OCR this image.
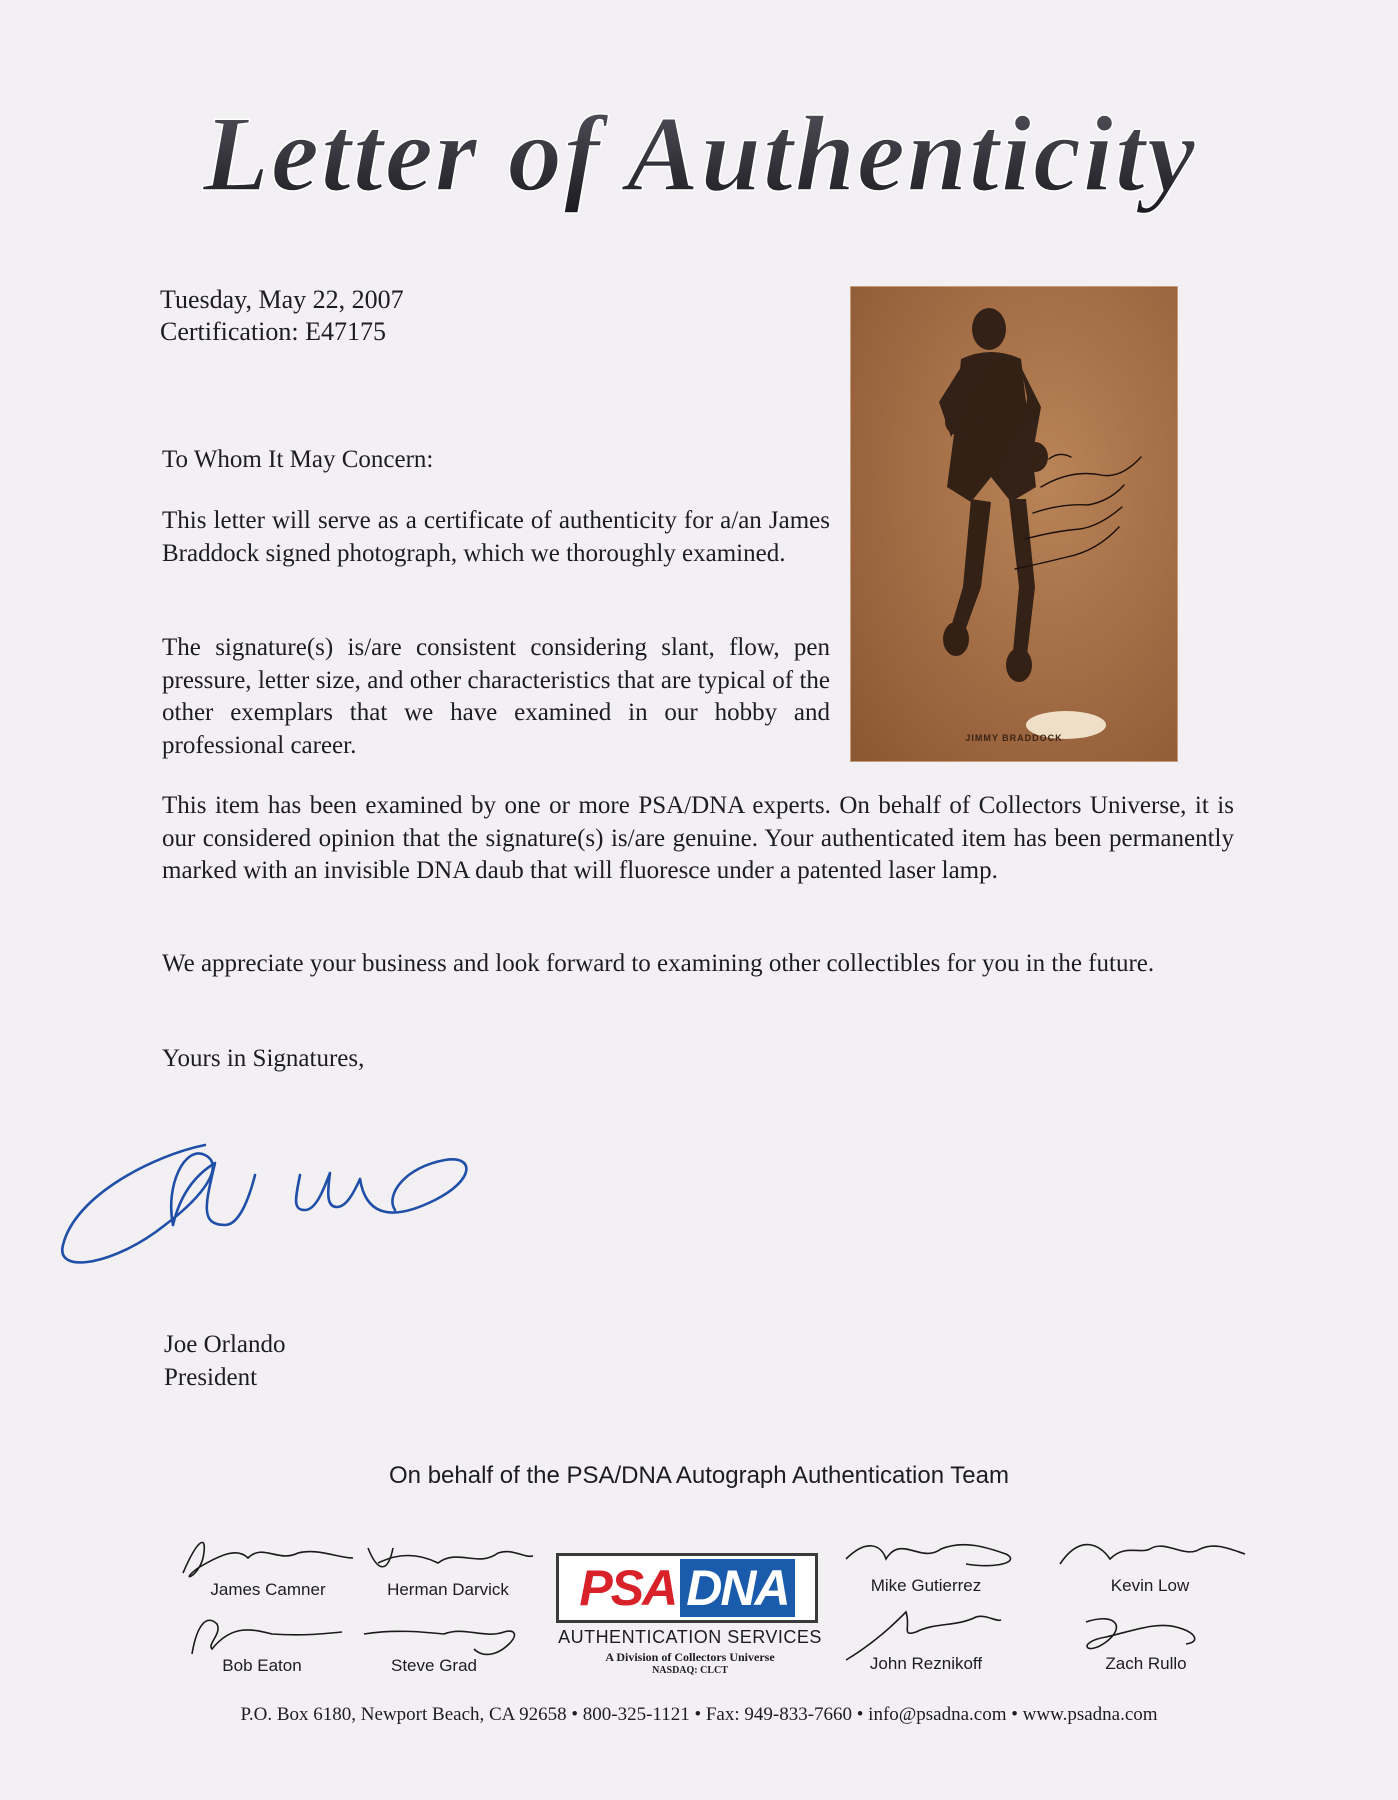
Letter of Authenticity
Tuesday, May 22, 2007
Certification: E47175
JIMMY BRADDOCK
To Whom It May Concern:
This letter will serve as a certificate of authenticity for a/an James Braddock signed photograph, which we thoroughly examined.
The signature(s) is/are consistent considering slant, flow, pen pressure, letter size, and other characteristics that are typical of the other exemplars that we have examined in our hobby and professional career.
This item has been examined by one or more PSA/DNA experts. On behalf of Collectors Universe, it is our considered opinion that the signature(s) is/are genuine. Your authenticated item has been permanently marked with an invisible DNA daub that will fluoresce under a patented laser lamp.
We appreciate your business and look forward to examining other collectibles for you in the future.
Yours in Signatures,
Joe Orlando
President
On behalf of the PSA/DNA Autograph Authentication Team
James Camner	Herman Darvick	Mike Gutierrez	Kevin Low
Bob Eaton	Steve Grad	John Reznikoff	Zach Rullo
PSA DNA
AUTHENTICATION SERVICES
A Division of Collectors Universe
NASDAQ: CLCT
P.O. Box 6180, Newport Beach, CA 92658 • 800-325-1121 • Fax: 949-833-7660 • info@psadna.com • www.psadna.com
